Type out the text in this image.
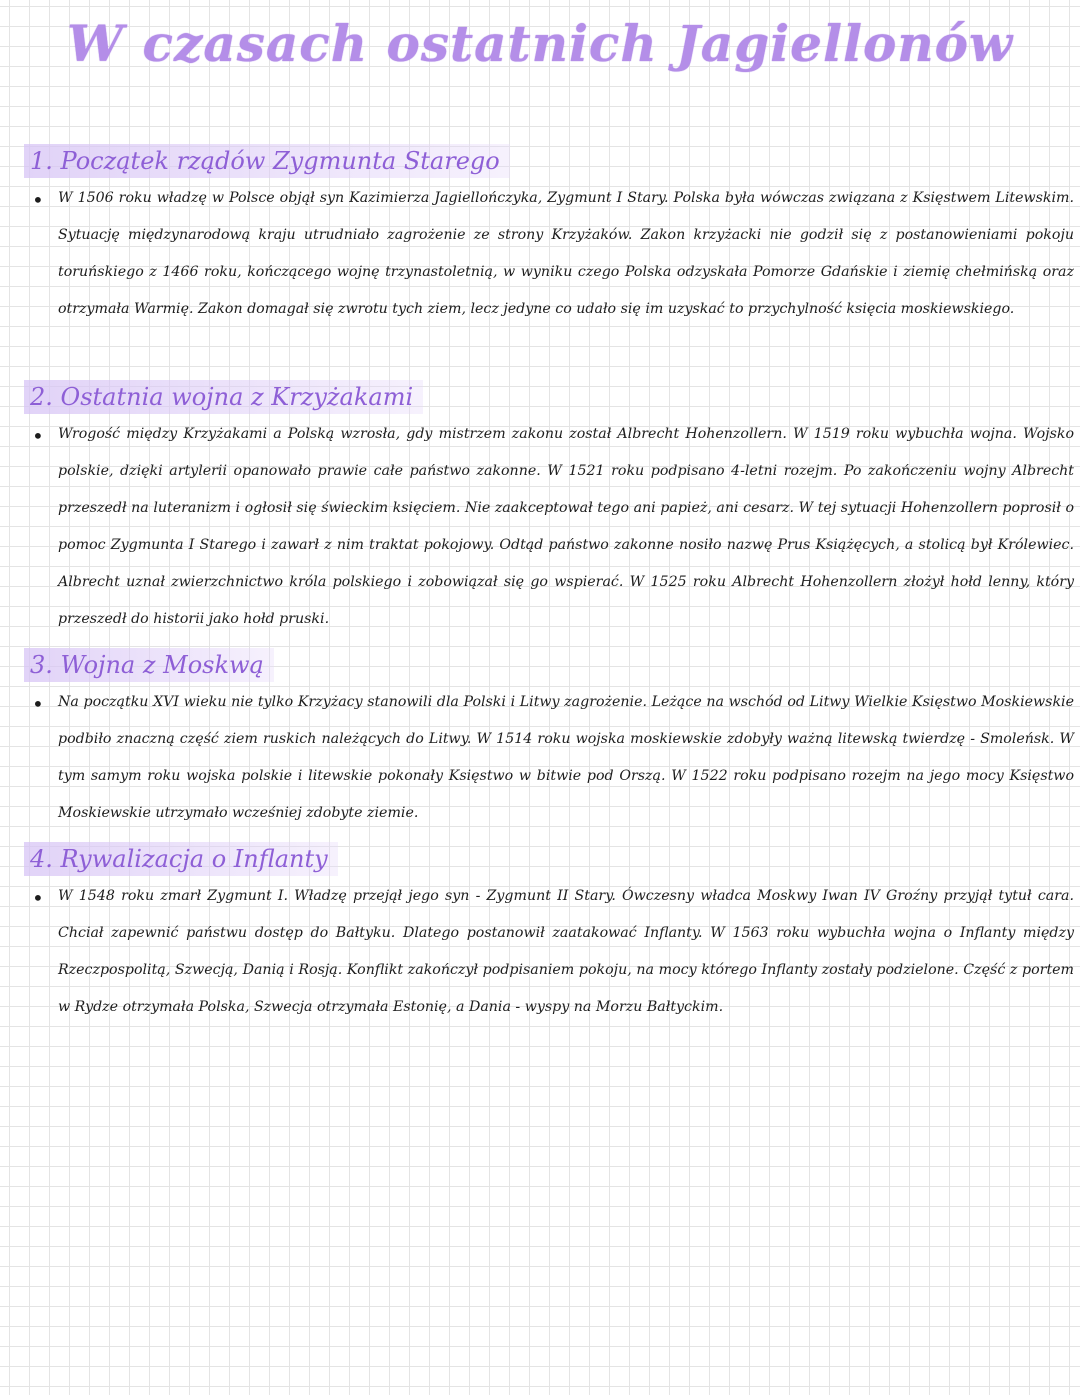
W czasach ostatnich Jagiellonów
1. Początek rządów Zygmunta Starego
• W 1506 roku władzę w Polsce objął syn Kazimierza Jagiellończyka, Zygmunt I Stary. Polska była wówczas związana z Księstwem Litewskim. Sytuację międzynarodową kraju utrudniało zagrożenie ze strony Krzyżaków. Zakon krzyżacki nie godził się z postanowieniami pokoju toruńskiego z 1466 roku, kończącego wojnę trzynastoletnią, w wyniku czego Polska odzyskała Pomorze Gdańskie i ziemię chełmińską oraz otrzymała Warmię. Zakon domagał się zwrotu tych ziem, lecz jedyne co udało się im uzyskać to przychylność księcia moskiewskiego.

2. Ostatnia wojna z Krzyżakami
• Wrogość między Krzyżakami a Polską wzrosła, gdy mistrzem zakonu został Albrecht Hohenzollern. W 1519 roku wybuchła wojna. Wojsko polskie, dzięki artylerii opanowało prawie całe państwo zakonne. W 1521 roku podpisano 4-letni rozejm. Po zakończeniu wojny Albrecht przeszedł na luteranizm i ogłosił się świeckim księciem. Nie zaakceptował tego ani papież, ani cesarz. W tej sytuacji Hohenzollern poprosił o pomoc Zygmunta I Starego i zawarł z nim traktat pokojowy. Odtąd państwo zakonne nosiło nazwę Prus Książęcych, a stolicą był Królewiec. Albrecht uznał zwierzchnictwo króla polskiego i zobowiązał się go wspierać. W 1525 roku Albrecht Hohenzollern złożył hołd lenny, który przeszedł do historii jako hołd pruski.

3. Wojna z Moskwą
• Na początku XVI wieku nie tylko Krzyżacy stanowili dla Polski i Litwy zagrożenie. Leżące na wschód od Litwy Wielkie Księstwo Moskiewskie podbiło znaczną część ziem ruskich należących do Litwy. W 1514 roku wojska moskiewskie zdobyły ważną litewską twierdzę - Smoleńsk. W tym samym roku wojska polskie i litewskie pokonały Księstwo w bitwie pod Orszą. W 1522 roku podpisano rozejm na jego mocy Księstwo Moskiewskie utrzymało wcześniej zdobyte ziemie.

4. Rywalizacja o Inflanty
• W 1548 roku zmarł Zygmunt I. Władzę przejął jego syn - Zygmunt II Stary. Ówczesny władca Moskwy Iwan IV Groźny przyjął tytuł cara. Chciał zapewnić państwu dostęp do Bałtyku. Dlatego postanowił zaatakować Inflanty. W 1563 roku wybuchła wojna o Inflanty między Rzeczpospolitą, Szwecją, Danią i Rosją. Konflikt zakończył podpisaniem pokoju, na mocy którego Inflanty zostały podzielone. Część z portem w Rydze otrzymała Polska, Szwecja otrzymała Estonię, a Dania - wyspy na Morzu Bałtyckim.
